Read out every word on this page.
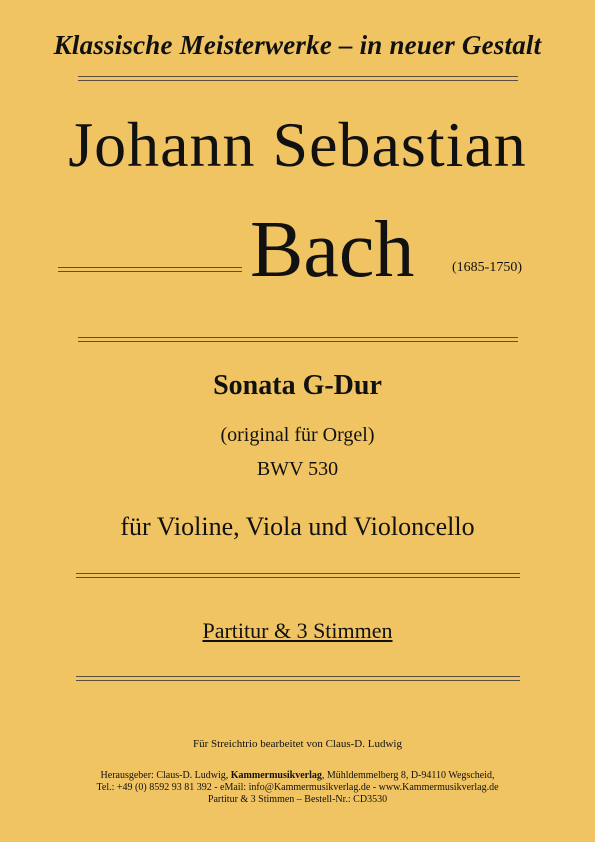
Klassische Meisterwerke – in neuer Gestalt
Johann Sebastian
Bach	(1685-1750)
Sonata G-Dur
(original für Orgel)
BWV 530
für Violine, Viola und Violoncello
Partitur & 3 Stimmen
Für Streichtrio bearbeitet von Claus-D. Ludwig
Herausgeber: Claus-D. Ludwig, Kammermusikverlag, Mühldemmelberg 8, D-94110 Wegscheid,
Tel.: +49 (0) 8592 93 81 392 - eMail: info@Kammermusikverlag.de - www.Kammermusikverlag.de
Partitur & 3 Stimmen – Bestell-Nr.: CD3530
